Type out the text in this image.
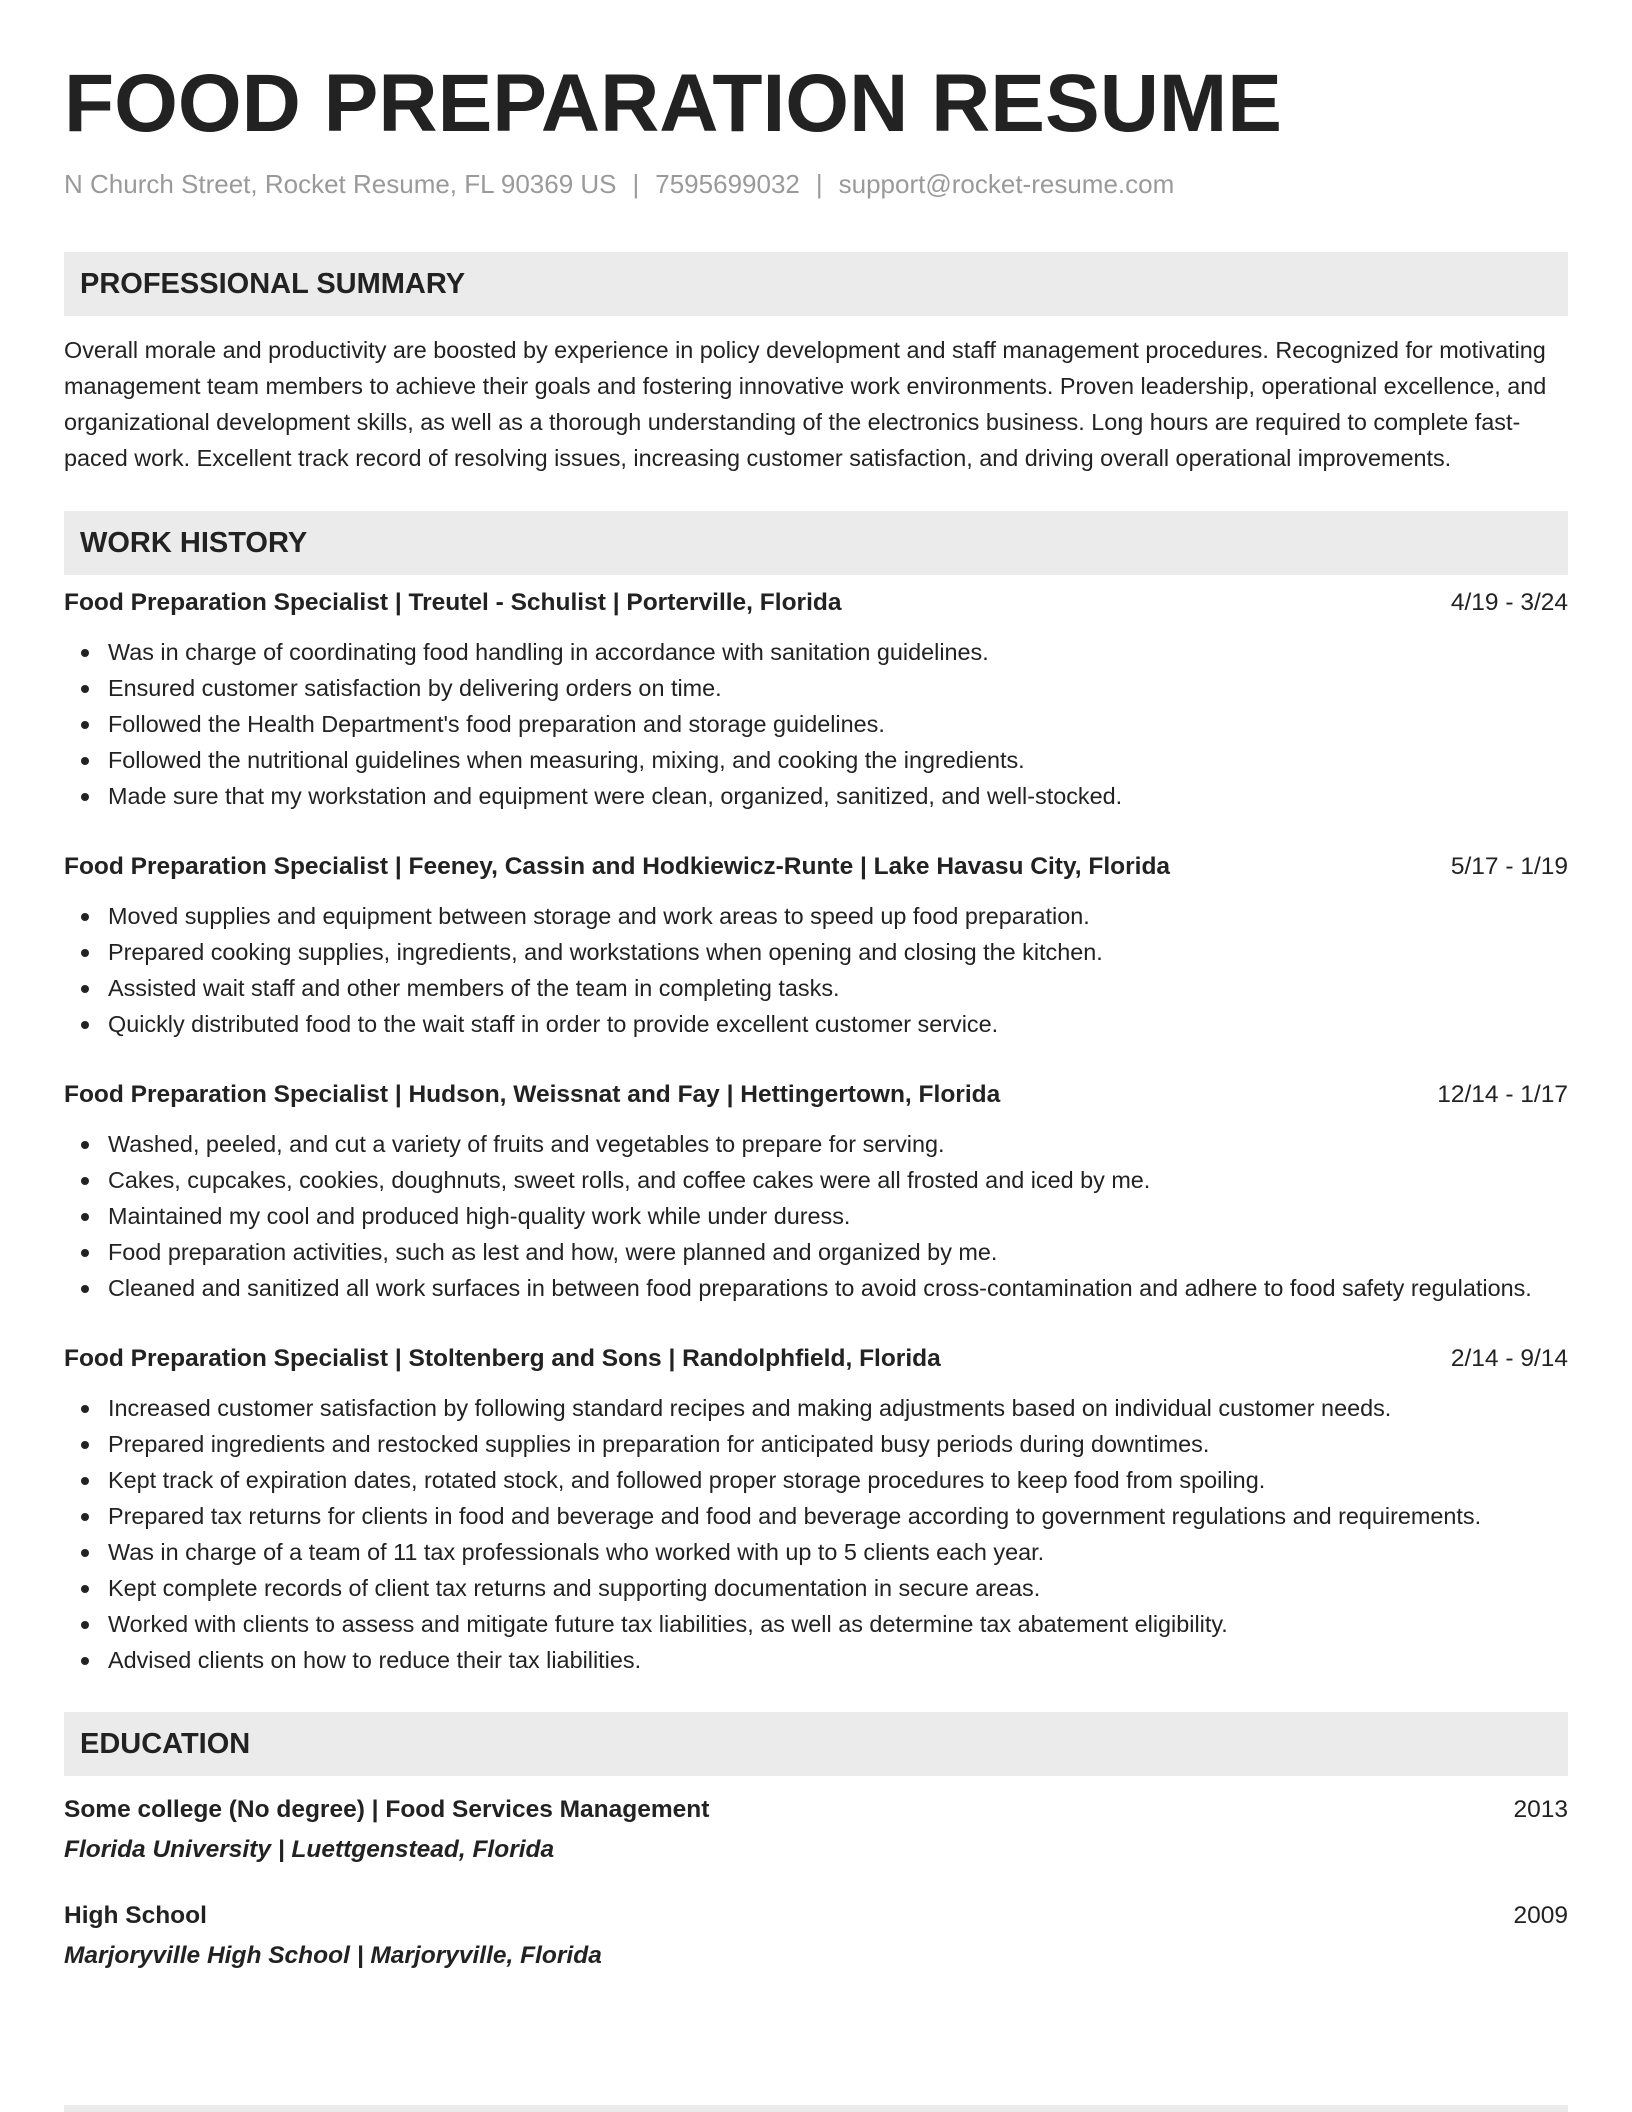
FOOD PREPARATION RESUME
N Church Street, Rocket Resume, FL 90369 US | 7595699032 | support@rocket-resume.com
PROFESSIONAL SUMMARY
Overall morale and productivity are boosted by experience in policy development and staff management procedures. Recognized for motivating management team members to achieve their goals and fostering innovative work environments. Proven leadership, operational excellence, and organizational development skills, as well as a thorough understanding of the electronics business. Long hours are required to complete fast-paced work. Excellent track record of resolving issues, increasing customer satisfaction, and driving overall operational improvements.
WORK HISTORY
Food Preparation Specialist | Treutel - Schulist | Porterville, Florida	4/19 - 3/24
Was in charge of coordinating food handling in accordance with sanitation guidelines.
Ensured customer satisfaction by delivering orders on time.
Followed the Health Department's food preparation and storage guidelines.
Followed the nutritional guidelines when measuring, mixing, and cooking the ingredients.
Made sure that my workstation and equipment were clean, organized, sanitized, and well-stocked.
Food Preparation Specialist | Feeney, Cassin and Hodkiewicz-Runte | Lake Havasu City, Florida	5/17 - 1/19
Moved supplies and equipment between storage and work areas to speed up food preparation.
Prepared cooking supplies, ingredients, and workstations when opening and closing the kitchen.
Assisted wait staff and other members of the team in completing tasks.
Quickly distributed food to the wait staff in order to provide excellent customer service.
Food Preparation Specialist | Hudson, Weissnat and Fay | Hettingertown, Florida	12/14 - 1/17
Washed, peeled, and cut a variety of fruits and vegetables to prepare for serving.
Cakes, cupcakes, cookies, doughnuts, sweet rolls, and coffee cakes were all frosted and iced by me.
Maintained my cool and produced high-quality work while under duress.
Food preparation activities, such as lest and how, were planned and organized by me.
Cleaned and sanitized all work surfaces in between food preparations to avoid cross-contamination and adhere to food safety regulations.
Food Preparation Specialist | Stoltenberg and Sons | Randolphfield, Florida	2/14 - 9/14
Increased customer satisfaction by following standard recipes and making adjustments based on individual customer needs.
Prepared ingredients and restocked supplies in preparation for anticipated busy periods during downtimes.
Kept track of expiration dates, rotated stock, and followed proper storage procedures to keep food from spoiling.
Prepared tax returns for clients in food and beverage and food and beverage according to government regulations and requirements.
Was in charge of a team of 11 tax professionals who worked with up to 5 clients each year.
Kept complete records of client tax returns and supporting documentation in secure areas.
Worked with clients to assess and mitigate future tax liabilities, as well as determine tax abatement eligibility.
Advised clients on how to reduce their tax liabilities.
EDUCATION
Some college (No degree) | Food Services Management	2013
Florida University | Luettgenstead, Florida
High School	2009
Marjoryville High School | Marjoryville, Florida
